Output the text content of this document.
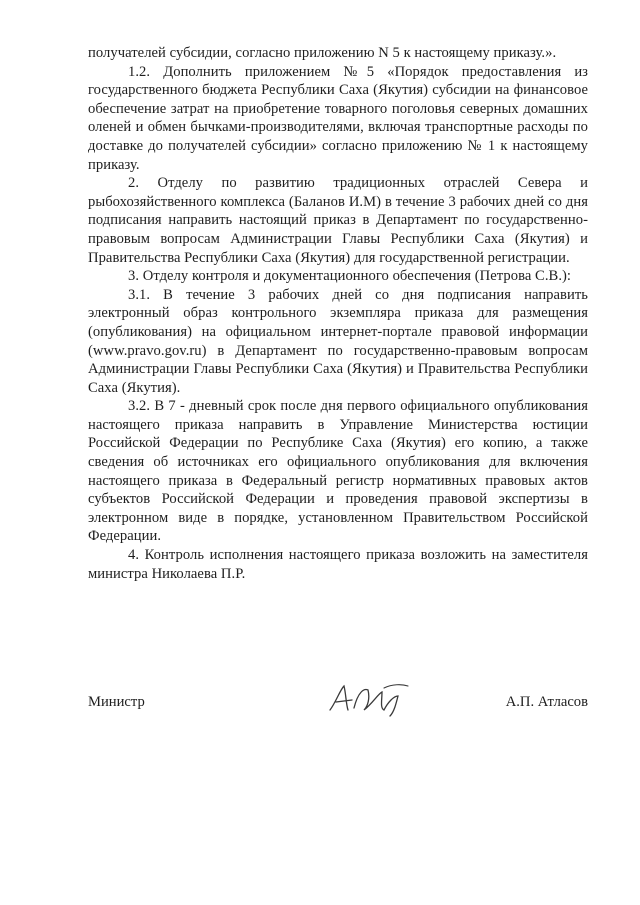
получателей субсидии, согласно приложению N 5 к настоящему приказу.».

1.2. Дополнить приложением №5 «Порядок предоставления из государственного бюджета Республики Саха (Якутия) субсидии на финансовое обеспечение затрат на приобретение товарного поголовья северных домашних оленей и обмен бычками-производителями, включая транспортные расходы по доставке до получателей субсидии» согласно приложению № 1 к настоящему приказу.

2. Отделу по развитию традиционных отраслей Севера и рыбохозяйственного комплекса (Баланов И.М) в течение 3 рабочих дней со дня подписания направить настоящий приказ в Департамент по государственно-правовым вопросам Администрации Главы Республики Саха (Якутия) и Правительства Республики Саха (Якутия) для государственной регистрации.

3. Отделу контроля и документационного обеспечения (Петрова С.В.):

3.1. В течение 3 рабочих дней со дня подписания направить электронный образ контрольного экземпляра приказа для размещения (опубликования) на официальном интернет-портале правовой информации (www.pravo.gov.ru) в Департамент по государственно-правовым вопросам Администрации Главы Республики Саха (Якутия) и Правительства Республики Саха (Якутия).

3.2. В 7 - дневный срок после дня первого официального опубликования настоящего приказа направить в Управление Министерства юстиции Российской Федерации по Республике Саха (Якутия) его копию, а также сведения об источниках его официального опубликования для включения настоящего приказа в Федеральный регистр нормативных правовых актов субъектов Российской Федерации и проведения правовой экспертизы в электронном виде в порядке, установленном Правительством Российской Федерации.

4. Контроль исполнения настоящего приказа возложить на заместителя министра Николаева П.Р.

Министр	А.П. Атласов
